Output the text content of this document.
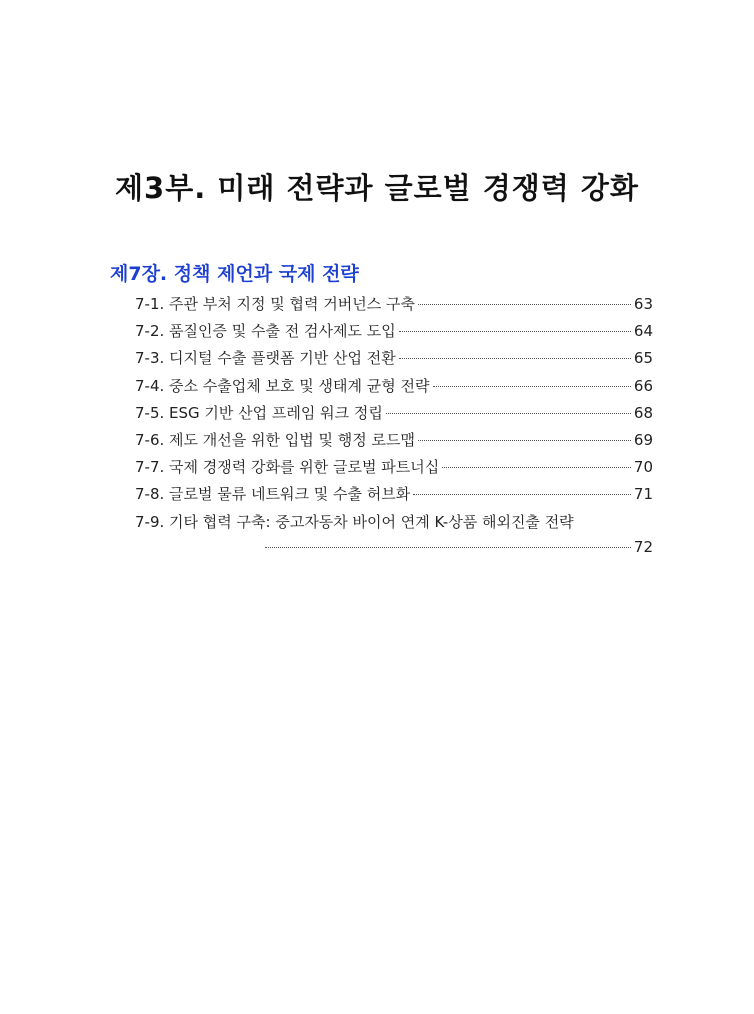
제3부. 미래 전략과 글로벌 경쟁력 강화
제7장. 정책 제언과 국제 전략
7-1. 주관 부처 지정 및 협력 거버넌스 구축	63
7-2. 품질인증 및 수출 전 검사제도 도입	64
7-3. 디지털 수출 플랫폼 기반 산업 전환	65
7-4. 중소 수출업체 보호 및 생태계 균형 전략	66
7-5. ESG 기반 산업 프레임 워크 정립	68
7-6. 제도 개선을 위한 입법 및 행정 로드맵	69
7-7. 국제 경쟁력 강화를 위한 글로벌 파트너십	70
7-8. 글로벌 물류 네트워크 및 수출 허브화	71
7-9. 기타 협력 구축: 중고자동차 바이어 연계 K-상품 해외진출 전략
72
